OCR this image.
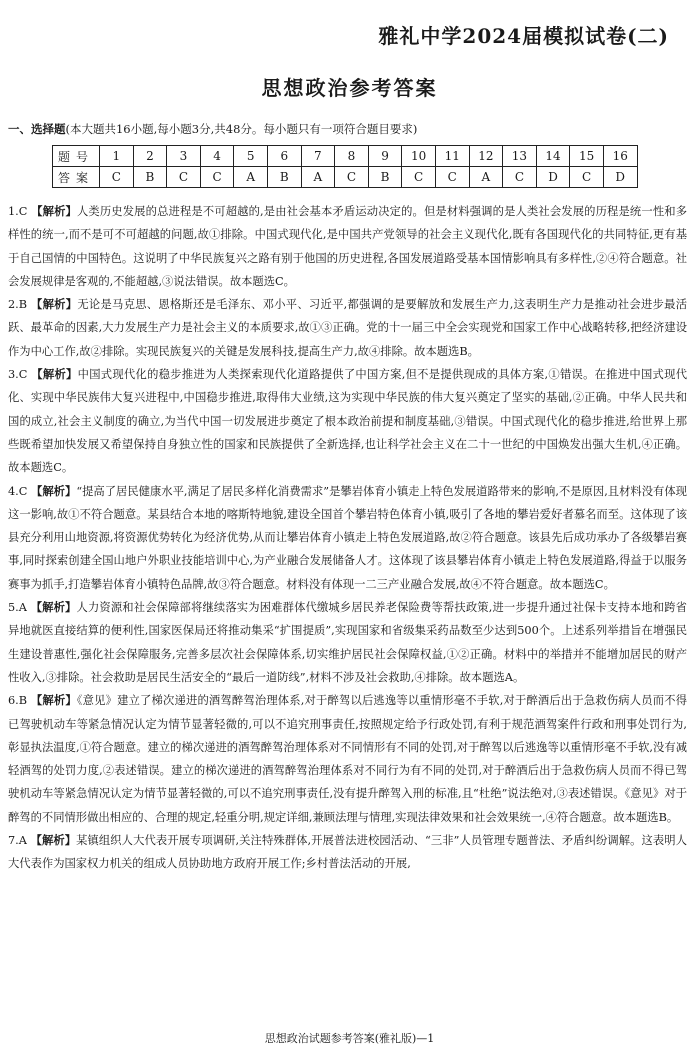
雅礼中学2024届模拟试卷(二)
思想政治参考答案
一、选择题(本大题共16小题,每小题3分,共48分。每小题只有一项符合题目要求)
题号	1	2	3	4	5	6	7	8	9	10	11	12	13	14	15	16
答案	C	B	C	C	A	B	A	C	B	C	C	A	C	D	C	D

1.C 【解析】人类历史发展的总进程是不可超越的,是由社会基本矛盾运动决定的。但是材料强调的是人类社会发展的历程是统一性和多样性的统一,而不是可不可超越的问题,故①排除。中国式现代化,是中国共产党领导的社会主义现代化,既有各国现代化的共同特征,更有基于自己国情的中国特色。这说明了中华民族复兴之路有别于他国的历史进程,各国发展道路受基本国情影响具有多样性,②④符合题意。社会发展规律是客观的,不能超越,③说法错误。故本题选C。

2.B 【解析】无论是马克思、恩格斯还是毛泽东、邓小平、习近平,都强调的是要解放和发展生产力,这表明生产力是推动社会进步最活跃、最革命的因素,大力发展生产力是社会主义的本质要求,故①③正确。党的十一届三中全会实现党和国家工作中心战略转移,把经济建设作为中心工作,故②排除。实现民族复兴的关键是发展科技,提高生产力,故④排除。故本题选B。

3.C 【解析】中国式现代化的稳步推进为人类探索现代化道路提供了中国方案,但不是提供现成的具体方案,①错误。在推进中国式现代化、实现中华民族伟大复兴进程中,中国稳步推进,取得伟大业绩,这为实现中华民族的伟大复兴奠定了坚实的基础,②正确。中华人民共和国的成立,社会主义制度的确立,为当代中国一切发展进步奠定了根本政治前提和制度基础,③错误。中国式现代化的稳步推进,给世界上那些既希望加快发展又希望保持自身独立性的国家和民族提供了全新选择,也让科学社会主义在二十一世纪的中国焕发出强大生机,④正确。故本题选C。

4.C 【解析】“提高了居民健康水平,满足了居民多样化消费需求”是攀岩体育小镇走上特色发展道路带来的影响,不是原因,且材料没有体现这一影响,故①不符合题意。某县结合本地的喀斯特地貌,建设全国首个攀岩特色体育小镇,吸引了各地的攀岩爱好者慕名而至。这体现了该县充分利用山地资源,将资源优势转化为经济优势,从而让攀岩体育小镇走上特色发展道路,故②符合题意。该县先后成功承办了各级攀岩赛事,同时探索创建全国山地户外职业技能培训中心,为产业融合发展储备人才。这体现了该县攀岩体育小镇走上特色发展道路,得益于以服务赛事为抓手,打造攀岩体育小镇特色品牌,故③符合题意。材料没有体现一二三产业融合发展,故④不符合题意。故本题选C。

5.A 【解析】人力资源和社会保障部将继续落实为困难群体代缴城乡居民养老保险费等帮扶政策,进一步提升通过社保卡支持本地和跨省异地就医直接结算的便利性,国家医保局还将推动集采“扩围提质”,实现国家和省级集采药品数至少达到500个。上述系列举措旨在增强民生建设普惠性,强化社会保障服务,完善多层次社会保障体系,切实维护居民社会保障权益,①②正确。材料中的举措并不能增加居民的财产性收入,③排除。社会救助是居民生活安全的“最后一道防线”,材料不涉及社会救助,④排除。故本题选A。

6.B 【解析】《意见》建立了梯次递进的酒驾醉驾治理体系,对于醉驾以后逃逸等以重情形毫不手软,对于醉酒后出于急救伤病人员而不得已驾驶机动车等紧急情况认定为情节显著轻微的,可以不追究刑事责任,按照规定给予行政处罚,有利于规范酒驾案件行政和刑事处罚行为,彰显执法温度,①符合题意。建立的梯次递进的酒驾醉驾治理体系对不同情形有不同的处罚,对于醉驾以后逃逸等以重情形毫不手软,没有减轻酒驾的处罚力度,②表述错误。建立的梯次递进的酒驾醉驾治理体系对不同行为有不同的处罚,对于醉酒后出于急救伤病人员而不得已驾驶机动车等紧急情况认定为情节显著轻微的,可以不追究刑事责任,没有提升醉驾入刑的标准,且“杜绝”说法绝对,③表述错误。《意见》对于醉驾的不同情形做出相应的、合理的规定,轻重分明,规定详细,兼顾法理与情理,实现法律效果和社会效果统一,④符合题意。故本题选B。

7.A 【解析】某镇组织人大代表开展专项调研,关注特殊群体,开展普法进校园活动、“三非”人员管理专题普法、矛盾纠纷调解。这表明人大代表作为国家权力机关的组成人员协助地方政府开展工作;乡村普法活动的开展,

思想政治试题参考答案(雅礼版)—1
